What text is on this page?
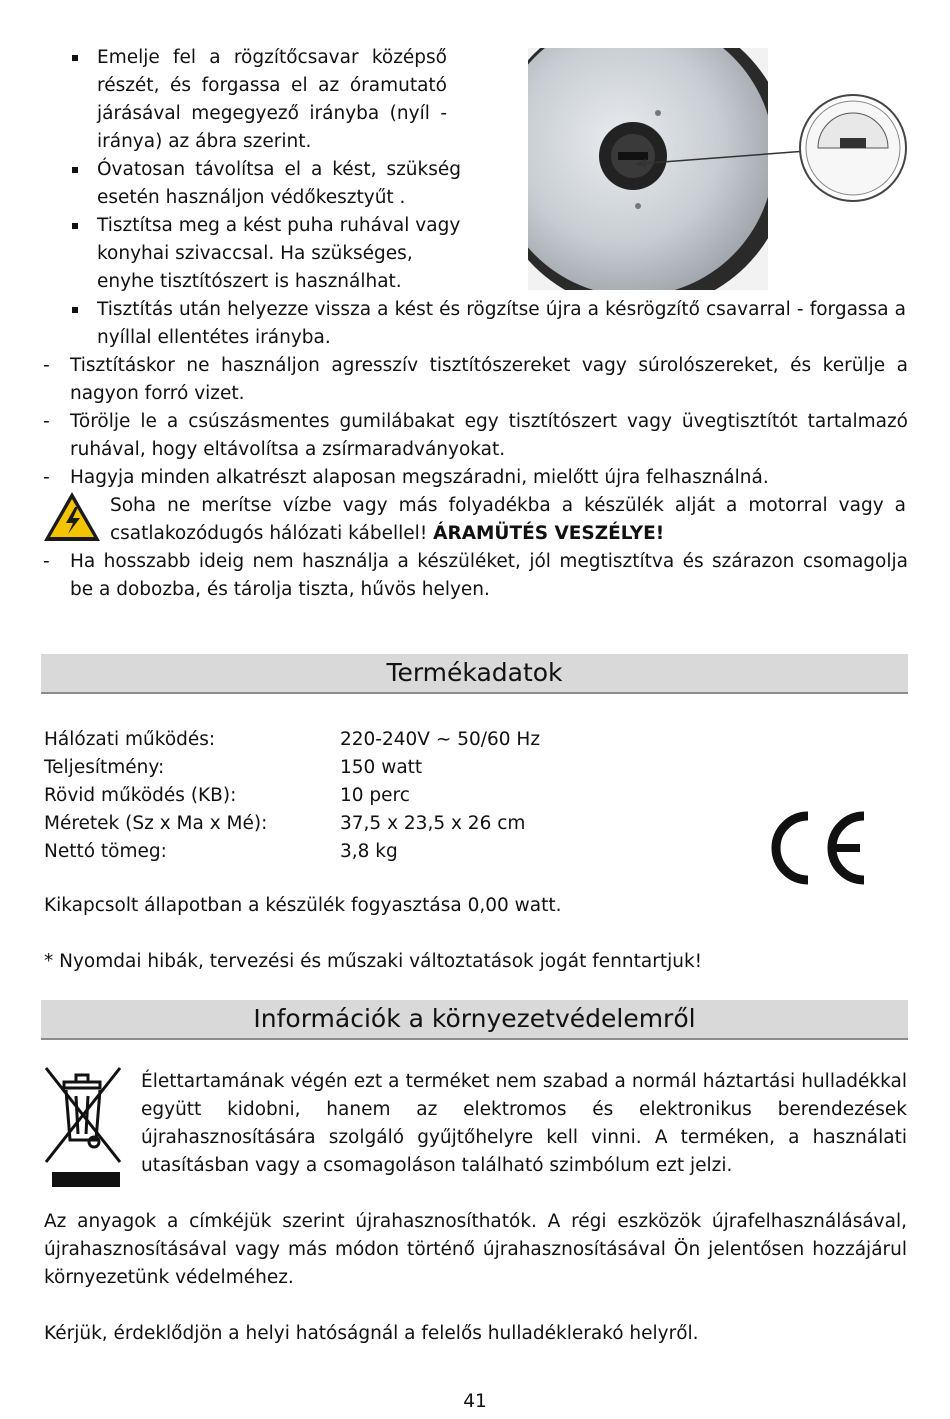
Emelje fel a rögzítőcsavar középső részét, és forgassa el az óramutató járásával megegyező irányba (nyíl - iránya) az ábra szerint.
Óvatosan távolítsa el a kést, szükség esetén használjon védőkesztyűt .
Tisztítsa meg a kést puha ruhával vagy konyhai szivaccsal. Ha szükséges, enyhe tisztítószert is használhat.
Tisztítás után helyezze vissza a kést és rögzítse újra a késrögzítő csavarral - forgassa a nyíllal ellentétes irányba.
- Tisztításkor ne használjon agresszív tisztítószereket vagy súrolószereket, és kerülje a nagyon forró vizet.
- Törölje le a csúszásmentes gumilábakat egy tisztítószert vagy üvegtisztítót tartalmazó ruhával, hogy eltávolítsa a zsírmaradványokat.
- Hagyja minden alkatrészt alaposan megszáradni, mielőtt újra felhasználná.
Soha ne merítse vízbe vagy más folyadékba a készülék alját a motorral vagy a csatlakozódugós hálózati kábellel! ÁRAMÜTÉS VESZÉLYE!
- Ha hosszabb ideig nem használja a készüléket, jól megtisztítva és szárazon csomagolja be a dobozba, és tárolja tiszta, hűvös helyen.
Termékadatok
Hálózati működés:	220-240V ~ 50/60 Hz
Teljesítmény:	150 watt
Rövid működés (KB):	10 perc
Méretek (Sz x Ma x Mé):	37,5 x 23,5 x 26 cm
Nettó tömeg:	3,8 kg
Kikapcsolt állapotban a készülék fogyasztása 0,00 watt.
* Nyomdai hibák, tervezési és műszaki változtatások jogát fenntartjuk!
Információk a környezetvédelemről
Élettartamának végén ezt a terméket nem szabad a normál háztartási hulladékkal együtt kidobni, hanem az elektromos és elektronikus berendezések újrahasznosítására szolgáló gyűjtőhelyre kell vinni. A terméken, a használati utasításban vagy a csomagoláson található szimbólum ezt jelzi.
Az anyagok a címkéjük szerint újrahasznosíthatók. A régi eszközök újrafelhasználásával, újrahasznosításával vagy más módon történő újrahasznosításával Ön jelentősen hozzájárul környezetünk védelméhez.
Kérjük, érdeklődjön a helyi hatóságnál a felelős hulladéklerakó helyről.
41
